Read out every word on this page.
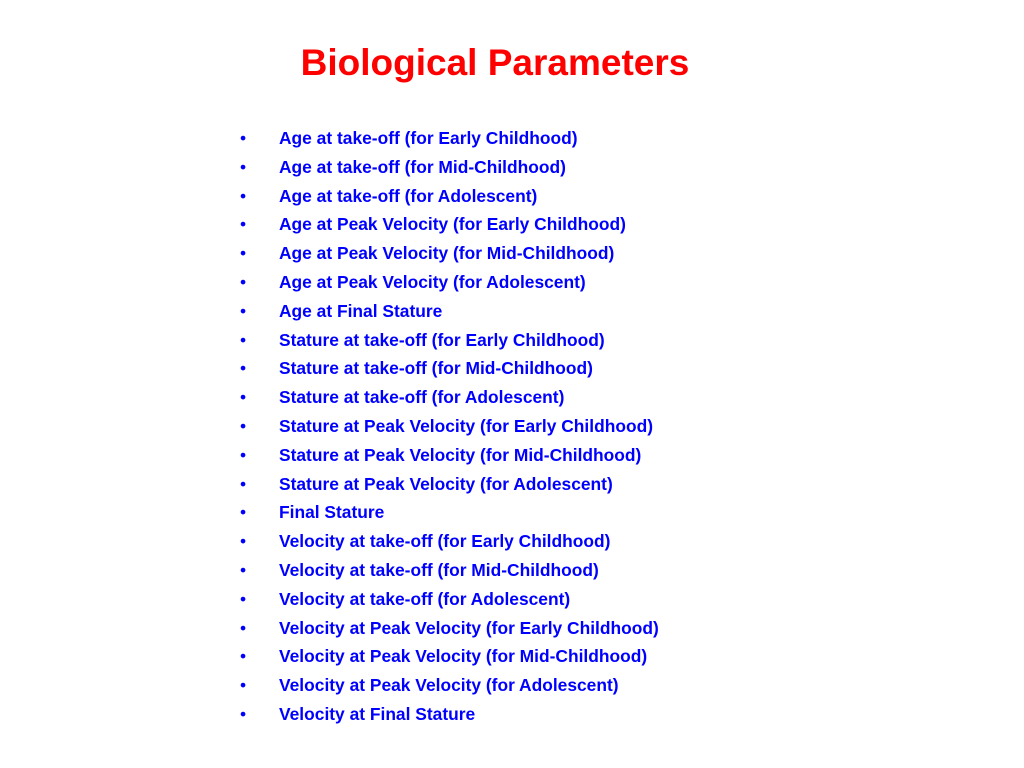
Biological Parameters
•	Age at take-off (for Early Childhood)
•	Age at take-off (for Mid-Childhood)
•	Age at take-off (for Adolescent)
•	Age at Peak Velocity (for Early Childhood)
•	Age at Peak Velocity (for Mid-Childhood)
•	Age at Peak Velocity (for Adolescent)
•	Age at Final Stature
•	Stature at take-off (for Early Childhood)
•	Stature at take-off (for Mid-Childhood)
•	Stature at take-off (for Adolescent)
•	Stature at Peak Velocity (for Early Childhood)
•	Stature at Peak Velocity (for Mid-Childhood)
•	Stature at Peak Velocity (for Adolescent)
•	Final Stature
•	Velocity at take-off (for Early Childhood)
•	Velocity at take-off (for Mid-Childhood)
•	Velocity at take-off (for Adolescent)
•	Velocity at Peak Velocity (for Early Childhood)
•	Velocity at Peak Velocity (for Mid-Childhood)
•	Velocity at Peak Velocity (for Adolescent)
•	Velocity at Final Stature
